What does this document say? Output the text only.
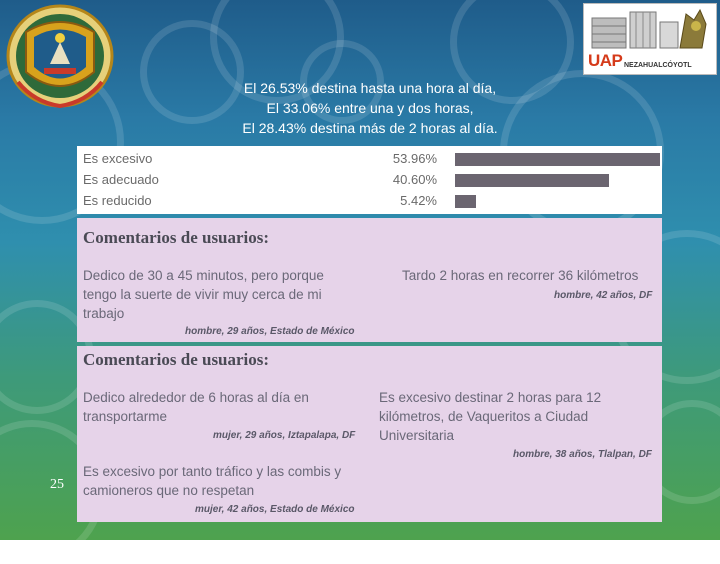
UAP NEZAHUALCÓYOTL
El 26.53% destina hasta una hora al día,
El 33.06% entre una y dos horas,
El 28.43% destina más de 2 horas al día.
Es excesivo	53.96%
Es adecuado	40.60%
Es reducido	5.42%
Comentarios de usuarios:
Dedico de 30 a 45 minutos, pero porque tengo la suerte de vivir muy cerca de mi trabajo
hombre, 29 años, Estado de México
Tardo 2 horas en recorrer 36 kilómetros
hombre, 42 años, DF
Comentarios de usuarios:
Dedico alrededor de 6 horas al día en transportarme
mujer, 29 años, Iztapalapa, DF
Es excesivo destinar 2 horas para 12 kilómetros, de Vaqueritos a Ciudad Universitaria
hombre, 38 años, Tlalpan, DF
Es excesivo por tanto tráfico y las combis y camioneros que no respetan
mujer, 42 años, Estado de México
25
